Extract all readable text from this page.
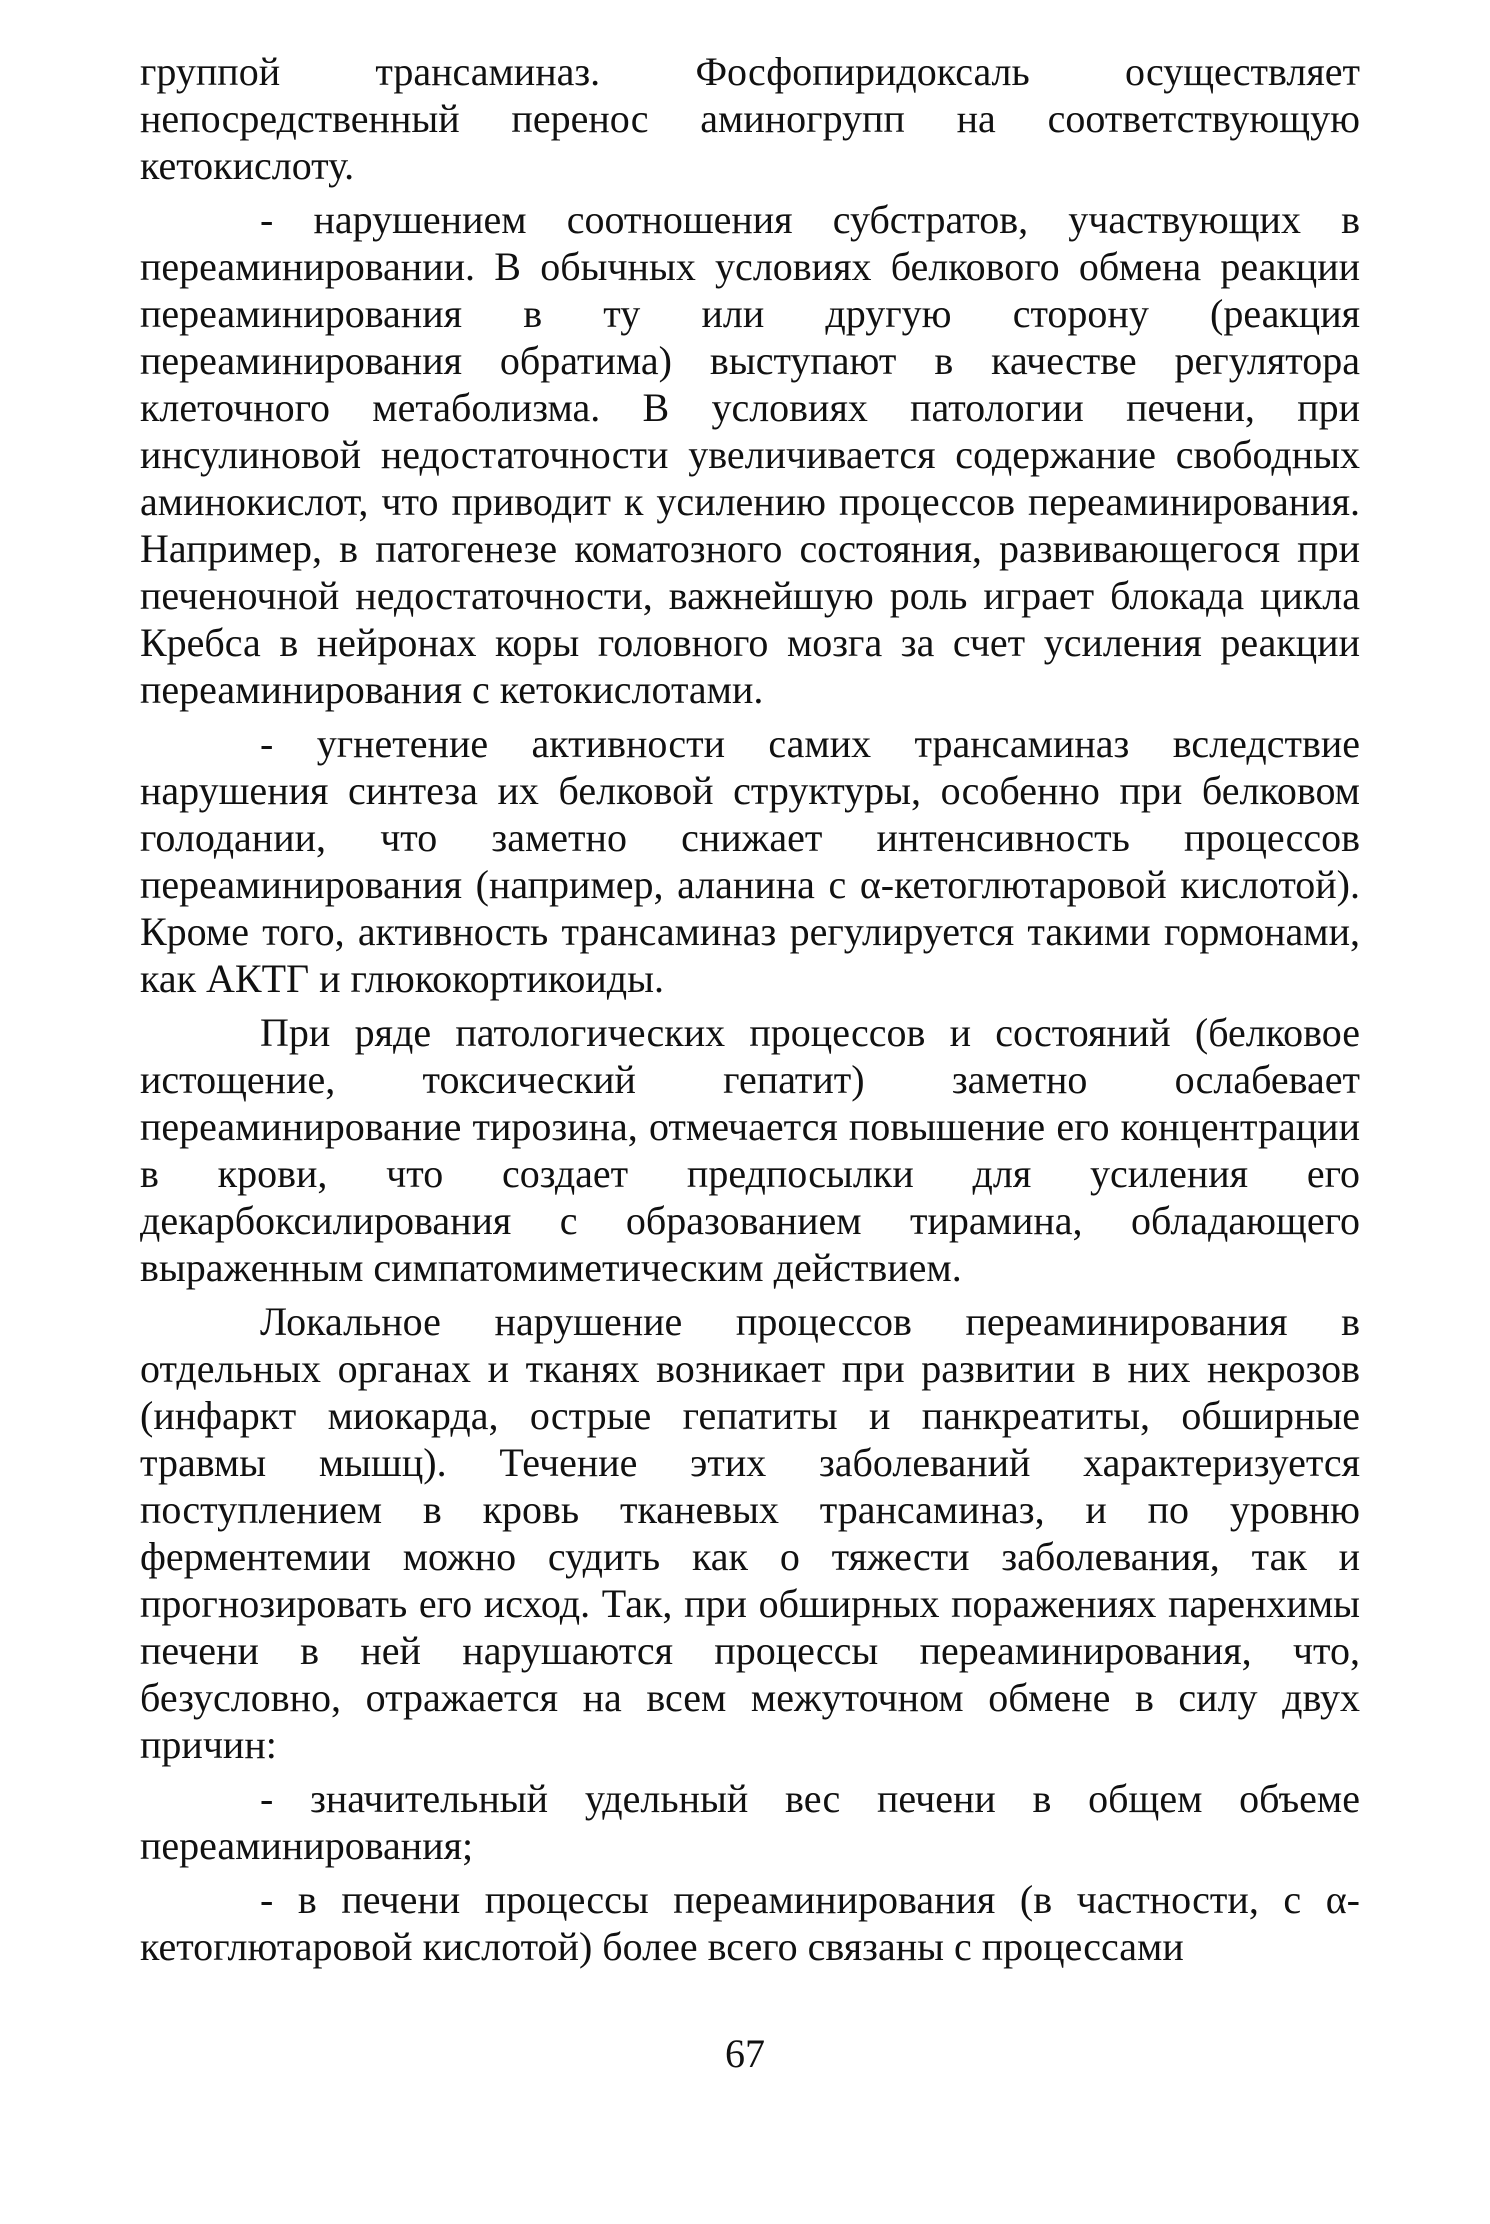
группой трансаминаз. Фосфопиридоксаль осуществляет непосредственный перенос аминогрупп на соответствующую кетокислоту.

- нарушением соотношения субстратов, участвующих в переаминировании. В обычных условиях белкового обмена реакции переаминирования в ту или другую сторону (реакция переаминирования обратима) выступают в качестве регулятора клеточного метаболизма. В условиях патологии печени, при инсулиновой недостаточности увеличивается содержание свободных аминокислот, что приводит к усилению процессов переаминирования. Например, в патогенезе коматозного состояния, развивающегося при печеночной недостаточности, важнейшую роль играет блокада цикла Кребса в нейронах коры головного мозга за счет усиления реакции переаминирования с кетокислотами.

- угнетение активности самих трансаминаз вследствие нарушения синтеза их белковой структуры, особенно при белковом голодании, что заметно снижает интенсивность процессов переаминирования (например, аланина с α-кетоглютаровой кислотой). Кроме того, активность трансаминаз регулируется такими гормонами, как АКТГ и глюкокортикоиды.

При ряде патологических процессов и состояний (белковое истощение, токсический гепатит) заметно ослабевает переаминирование тирозина, отмечается повышение его концентрации в крови, что создает предпосылки для усиления его декарбоксилирования с образованием тирамина, обладающего выраженным симпатомиметическим действием.

Локальное нарушение процессов переаминирования в отдельных органах и тканях возникает при развитии в них некрозов (инфаркт миокарда, острые гепатиты и панкреатиты, обширные травмы мышц). Течение этих заболеваний характеризуется поступлением в кровь тканевых трансаминаз, и по уровню ферментемии можно судить как о тяжести заболевания, так и прогнозировать его исход. Так, при обширных поражениях паренхимы печени в ней нарушаются процессы переаминирования, что, безусловно, отражается на всем межуточном обмене в силу двух причин:

- значительный удельный вес печени в общем объеме переаминирования;

- в печени процессы переаминирования (в частности, с α-кетоглютаровой кислотой) более всего связаны с процессами

67
